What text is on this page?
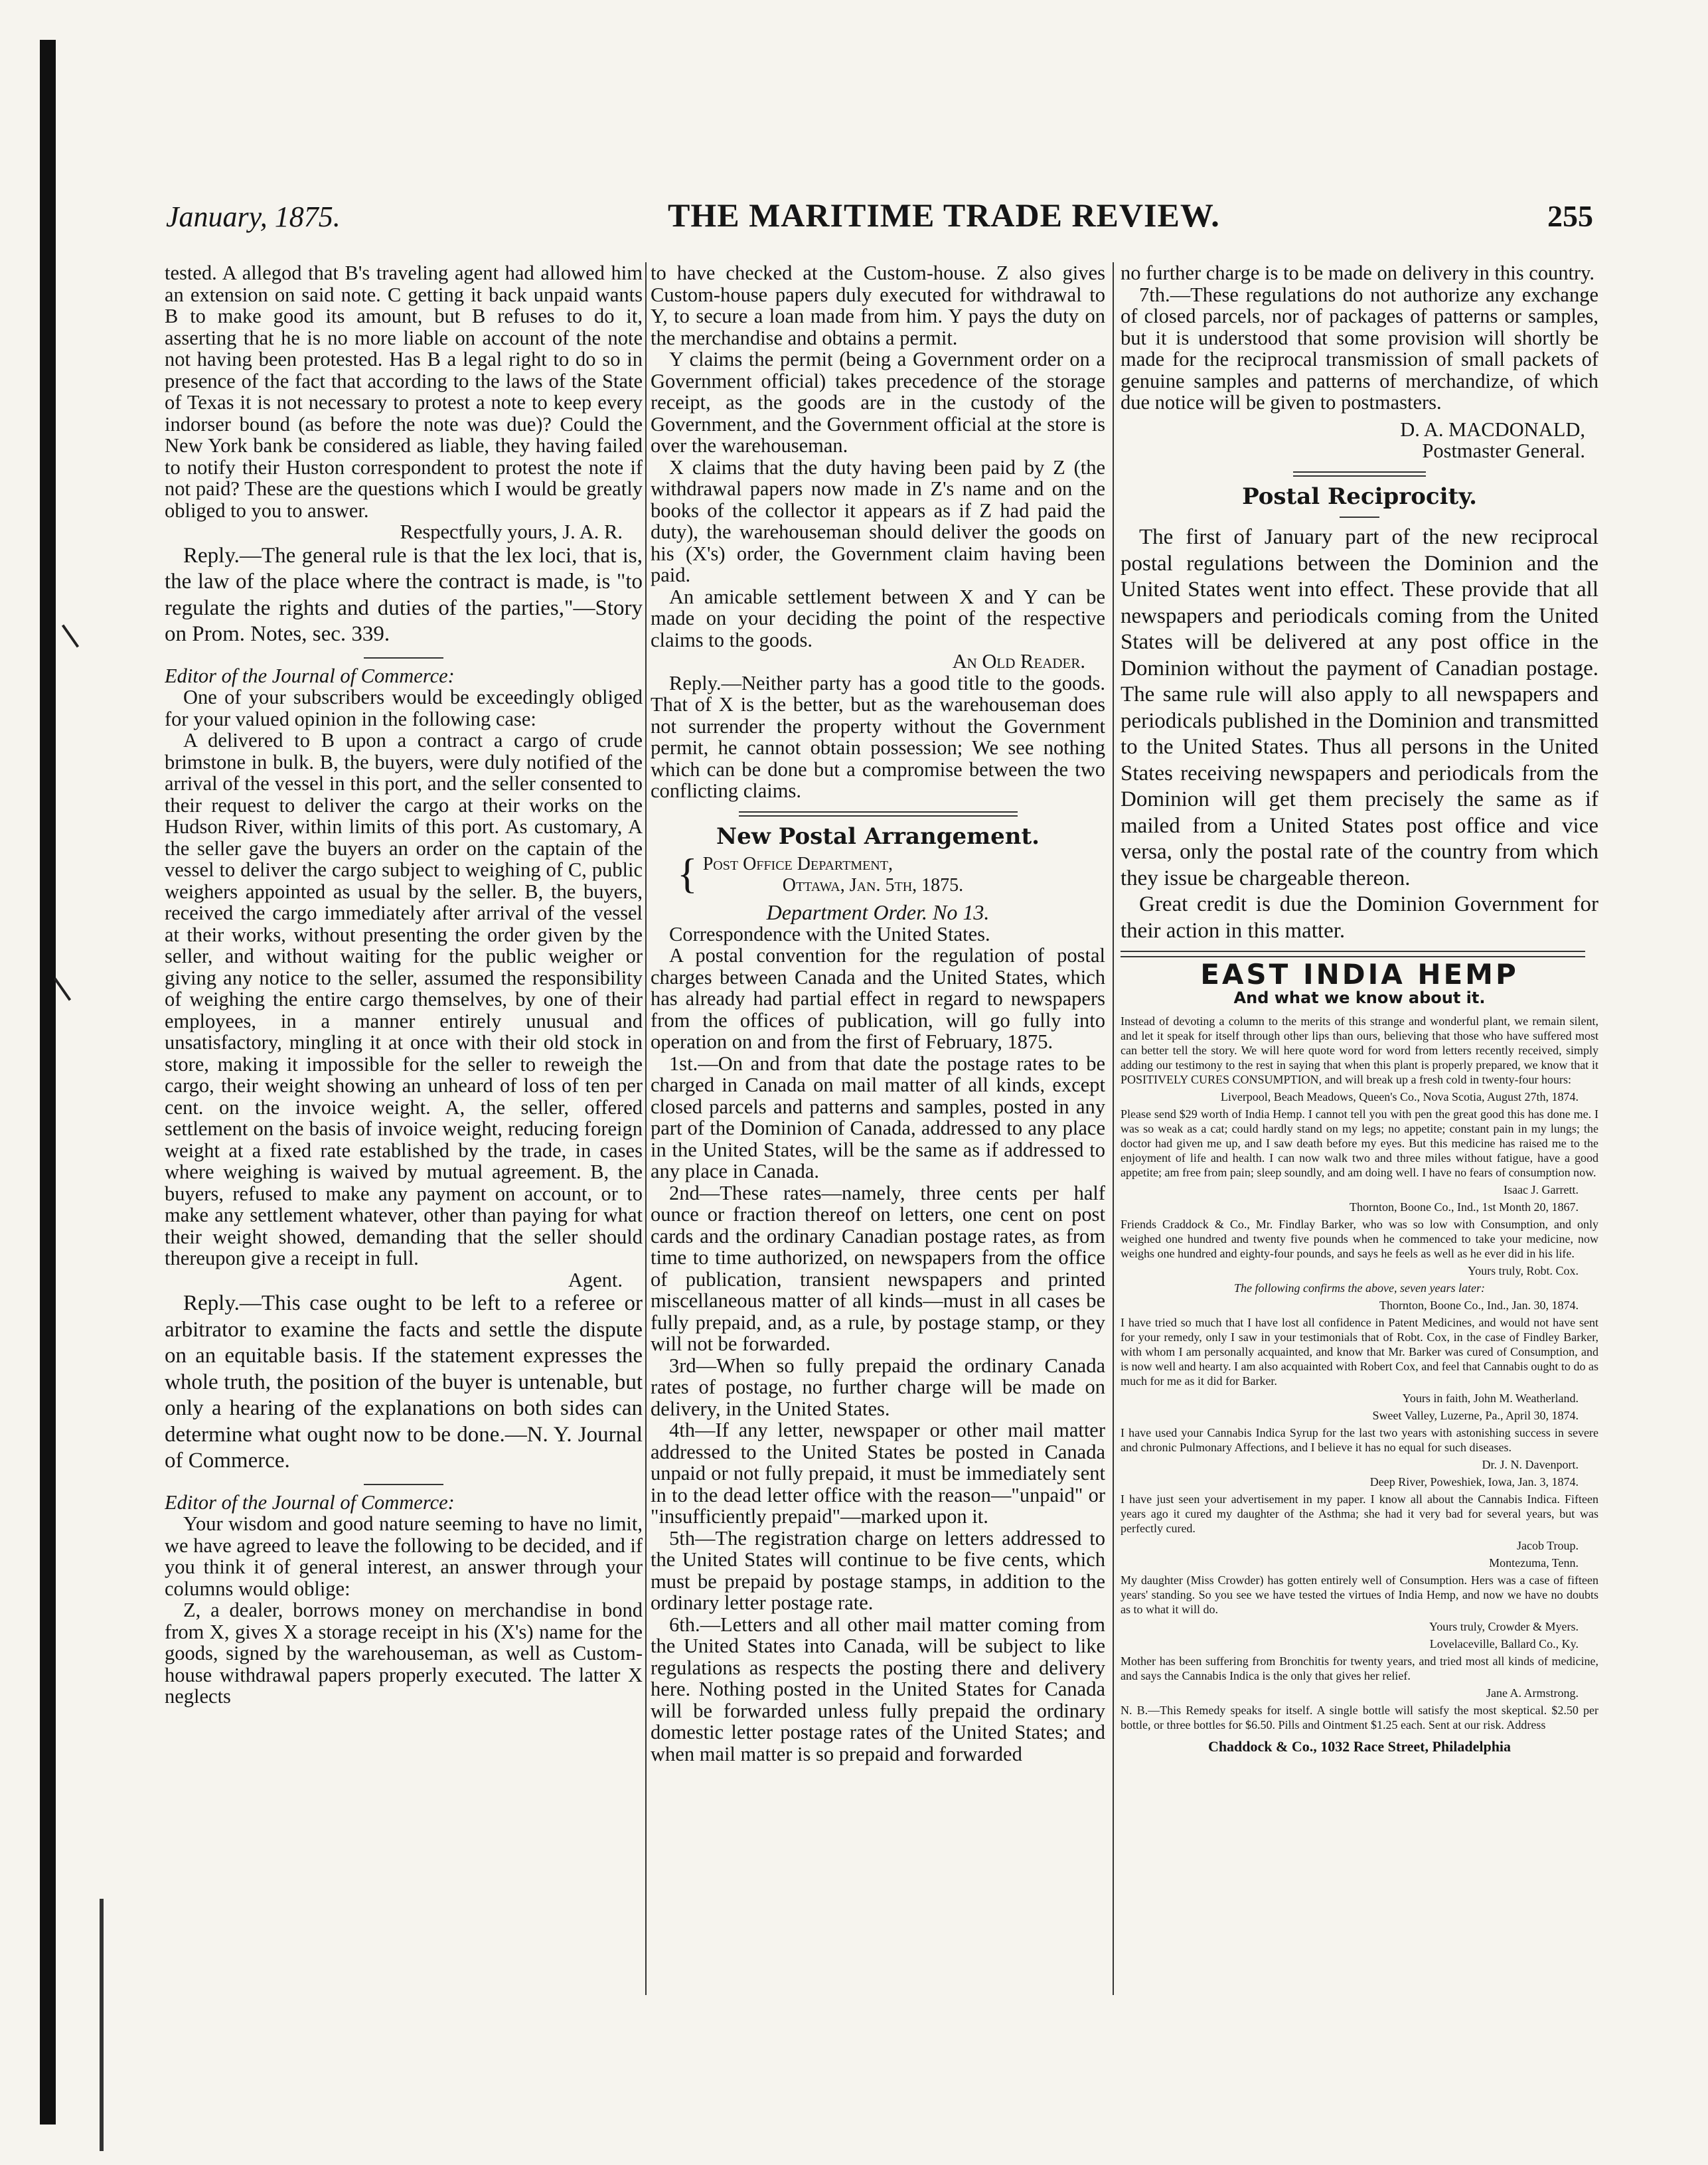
January, 1875.	THE MARITIME TRADE REVIEW.	255

tested. A allegod that B's traveling agent had allowed him an extension on said note. C getting it back unpaid wants B to make good its amount, but B refuses to do it, asserting that he is no more liable on account of the note not having been protested. Has B a legal right to do so in presence of the fact that according to the laws of the State of Texas it is not necessary to protest a note to keep every indorser bound (as before the note was due)? Could the New York bank be considered as liable, they having failed to notify their Huston correspondent to protest the note if not paid? These are the questions which I would be greatly obliged to you to answer.

Respectfully yours, J. A. R.

Reply.—The general rule is that the lex loci, that is, the law of the place where the contract is made, is "to regulate the rights and duties of the parties,"—Story on Prom. Notes, sec. 339.

Editor of the Journal of Commerce:

One of your subscribers would be exceedingly obliged for your valued opinion in the following case:

A delivered to B upon a contract a cargo of crude brimstone in bulk. B, the buyers, were duly notified of the arrival of the vessel in this port, and the seller consented to their request to deliver the cargo at their works on the Hudson River, within limits of this port. As customary, A the seller gave the buyers an order on the captain of the vessel to deliver the cargo subject to weighing of C, public weighers appointed as usual by the seller. B, the buyers, received the cargo immediately after arrival of the vessel at their works, without presenting the order given by the seller, and without waiting for the public weigher or giving any notice to the seller, assumed the responsibility of weighing the entire cargo themselves, by one of their employees, in a manner entirely unusual and unsatisfactory, mingling it at once with their old stock in store, making it impossible for the seller to reweigh the cargo, their weight showing an unheard of loss of ten per cent. on the invoice weight. A, the seller, offered settlement on the basis of invoice weight, reducing foreign weight at a fixed rate established by the trade, in cases where weighing is waived by mutual agreement. B, the buyers, refused to make any payment on account, or to make any settlement whatever, other than paying for what their weight showed, demanding that the seller should thereupon give a receipt in full.

Agent.

Reply.—This case ought to be left to a referee or arbitrator to examine the facts and settle the dispute on an equitable basis. If the statement expresses the whole truth, the position of the buyer is untenable, but only a hearing of the explanations on both sides can determine what ought now to be done.—N. Y. Journal of Commerce.

Editor of the Journal of Commerce:

Your wisdom and good nature seeming to have no limit, we have agreed to leave the following to be decided, and if you think it of general interest, an answer through your columns would oblige:

Z, a dealer, borrows money on merchandise in bond from X, gives X a storage receipt in his (X's) name for the goods, signed by the warehouseman, as well as Custom-house withdrawal papers properly executed. The latter X neglects

to have checked at the Custom-house. Z also gives Custom-house papers duly executed for withdrawal to Y, to secure a loan made from him. Y pays the duty on the merchandise and obtains a permit.

Y claims the permit (being a Government order on a Government official) takes precedence of the storage receipt, as the goods are in the custody of the Government, and the Government official at the store is over the warehouseman.

X claims that the duty having been paid by Z (the withdrawal papers now made in Z's name and on the books of the collector it appears as if Z had paid the duty), the warehouseman should deliver the goods on his (X's) order, the Government claim having been paid.

An amicable settlement between X and Y can be made on your deciding the point of the respective claims to the goods.

An Old Reader.

Reply.—Neither party has a good title to the goods. That of X is the better, but as the warehouseman does not surrender the property without the Government permit, he cannot obtain possession; We see nothing which can be done but a compromise between the two conflicting claims.

New Postal Arrangement.
{ Post Office Department,
Ottawa, Jan. 5th, 1875.

Department Order. No 13.

Correspondence with the United States.

A postal convention for the regulation of postal charges between Canada and the United States, which has already had partial effect in regard to newspapers from the offices of publication, will go fully into operation on and from the first of February, 1875.

1st.—On and from that date the postage rates to be charged in Canada on mail matter of all kinds, except closed parcels and patterns and samples, posted in any part of the Dominion of Canada, addressed to any place in the United States, will be the same as if addressed to any place in Canada.

2nd—These rates—namely, three cents per half ounce or fraction thereof on letters, one cent on post cards and the ordinary Canadian postage rates, as from time to time authorized, on newspapers from the office of publication, transient newspapers and printed miscellaneous matter of all kinds—must in all cases be fully prepaid, and, as a rule, by postage stamp, or they will not be forwarded.

3rd—When so fully prepaid the ordinary Canada rates of postage, no further charge will be made on delivery, in the United States.

4th—If any letter, newspaper or other mail matter addressed to the United States be posted in Canada unpaid or not fully prepaid, it must be immediately sent in to the dead letter office with the reason—"unpaid" or "insufficiently prepaid"—marked upon it.

5th—The registration charge on letters addressed to the United States will continue to be five cents, which must be prepaid by postage stamps, in addition to the ordinary letter postage rate.

6th.—Letters and all other mail matter coming from the United States into Canada, will be subject to like regulations as respects the posting there and delivery here. Nothing posted in the United States for Canada will be forwarded unless fully prepaid the ordinary domestic letter postage rates of the United States; and when mail matter is so prepaid and forwarded

no further charge is to be made on delivery in this country.

7th.—These regulations do not authorize any exchange of closed parcels, nor of packages of patterns or samples, but it is understood that some provision will shortly be made for the reciprocal transmission of small packets of genuine samples and patterns of merchandize, of which due notice will be given to postmasters.

D. A. MACDONALD,

Postmaster General.

Postal Reciprocity.

The first of January part of the new reciprocal postal regulations between the Dominion and the United States went into effect. These provide that all newspapers and periodicals coming from the United States will be delivered at any post office in the Dominion without the payment of Canadian postage. The same rule will also apply to all newspapers and periodicals published in the Dominion and transmitted to the United States. Thus all persons in the United States receiving newspapers and periodicals from the Dominion will get them precisely the same as if mailed from a United States post office and vice versa, only the postal rate of the country from which they issue be chargeable thereon.

Great credit is due the Dominion Government for their action in this matter.

EAST INDIA HEMP
And what we know about it.

Instead of devoting a column to the merits of this strange and wonderful plant, we remain silent, and let it speak for itself through other lips than ours, believing that those who have suffered most can better tell the story. We will here quote word for word from letters recently received, simply adding our testimony to the rest in saying that when this plant is properly prepared, we know that it POSITIVELY CURES CONSUMPTION, and will break up a fresh cold in twenty-four hours:

Liverpool, Beach Meadows, Queen's Co., Nova Scotia, August 27th, 1874.

Please send $29 worth of India Hemp. I cannot tell you with pen the great good this has done me. I was so weak as a cat; could hardly stand on my legs; no appetite; constant pain in my lungs; the doctor had given me up, and I saw death before my eyes. But this medicine has raised me to the enjoyment of life and health. I can now walk two and three miles without fatigue, have a good appetite; am free from pain; sleep soundly, and am doing well. I have no fears of consumption now.

Isaac J. Garrett.

Thornton, Boone Co., Ind., 1st Month 20, 1867.

Friends Craddock & Co., Mr. Findlay Barker, who was so low with Consumption, and only weighed one hundred and twenty five pounds when he commenced to take your medicine, now weighs one hundred and eighty-four pounds, and says he feels as well as he ever did in his life.

Yours truly, Robt. Cox.

The following confirms the above, seven years later:

Thornton, Boone Co., Ind., Jan. 30, 1874.

I have tried so much that I have lost all confidence in Patent Medicines, and would not have sent for your remedy, only I saw in your testimonials that of Robt. Cox, in the case of Findley Barker, with whom I am personally acquainted, and know that Mr. Barker was cured of Consumption, and is now well and hearty. I am also acquainted with Robert Cox, and feel that Cannabis ought to do as much for me as it did for Barker.

Yours in faith, John M. Weatherland.

Sweet Valley, Luzerne, Pa., April 30, 1874.

I have used your Cannabis Indica Syrup for the last two years with astonishing success in severe and chronic Pulmonary Affections, and I believe it has no equal for such diseases.

Dr. J. N. Davenport.

Deep River, Poweshiek, Iowa, Jan. 3, 1874.

I have just seen your advertisement in my paper. I know all about the Cannabis Indica. Fifteen years ago it cured my daughter of the Asthma; she had it very bad for several years, but was perfectly cured.

Jacob Troup.

Montezuma, Tenn.

My daughter (Miss Crowder) has gotten entirely well of Consumption. Hers was a case of fifteen years' standing. So you see we have tested the virtues of India Hemp, and now we have no doubts as to what it will do.

Yours truly, Crowder & Myers.

Lovelaceville, Ballard Co., Ky.

Mother has been suffering from Bronchitis for twenty years, and tried most all kinds of medicine, and says the Cannabis Indica is the only that gives her relief.

Jane A. Armstrong.

N. B.—This Remedy speaks for itself. A single bottle will satisfy the most skeptical. $2.50 per bottle, or three bottles for $6.50. Pills and Ointment $1.25 each. Sent at our risk. Address

Chaddock & Co., 1032 Race Street, Philadelphia
